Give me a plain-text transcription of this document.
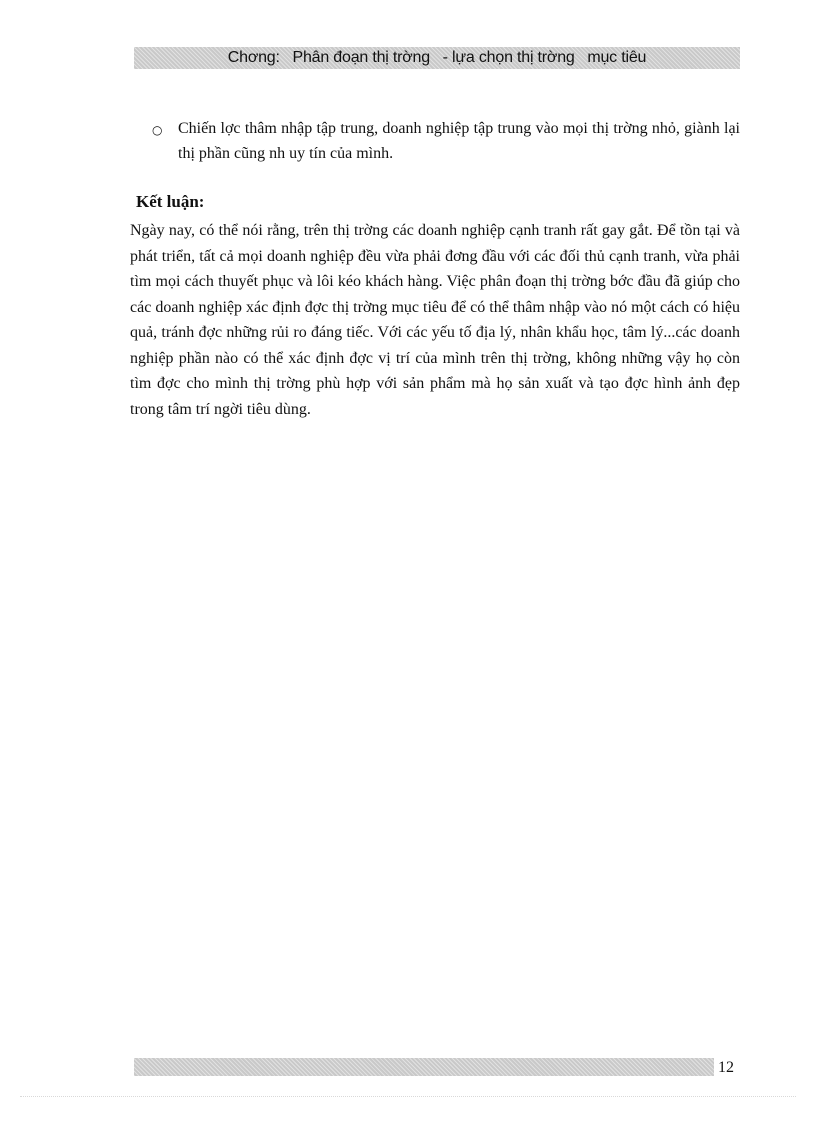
Chơng:   Phân đoạn thị trờng   - lựa chọn thị trờng   mục tiêu
○ Chiến lợc thâm nhập tập trung, doanh nghiệp tập trung vào mọi thị trờng nhỏ, giành lại thị phần cũng nh uy tín của mình.
Kết luận:
Ngày nay, có thể nói rằng, trên thị trờng các doanh nghiệp cạnh tranh rất gay gắt. Để tồn tại và phát triển, tất cả mọi doanh nghiệp đều vừa phải đơng đầu với các đối thủ cạnh tranh, vừa phải tìm mọi cách thuyết phục và lôi kéo khách hàng. Việc phân đoạn thị trờng bớc đầu đã giúp cho các doanh nghiệp xác định đợc thị trờng mục tiêu để có thể thâm nhập vào nó một cách có hiệu quả, tránh đợc những rủi ro đáng tiếc. Với các yếu tố địa lý, nhân khẩu học, tâm lý...các doanh nghiệp phần nào có thể xác định đợc vị trí của mình trên thị trờng, không những vậy họ còn tìm đợc cho mình thị trờng phù hợp với sản phẩm mà họ sản xuất và tạo đợc hình ảnh đẹp trong tâm trí ngời tiêu dùng.
12
